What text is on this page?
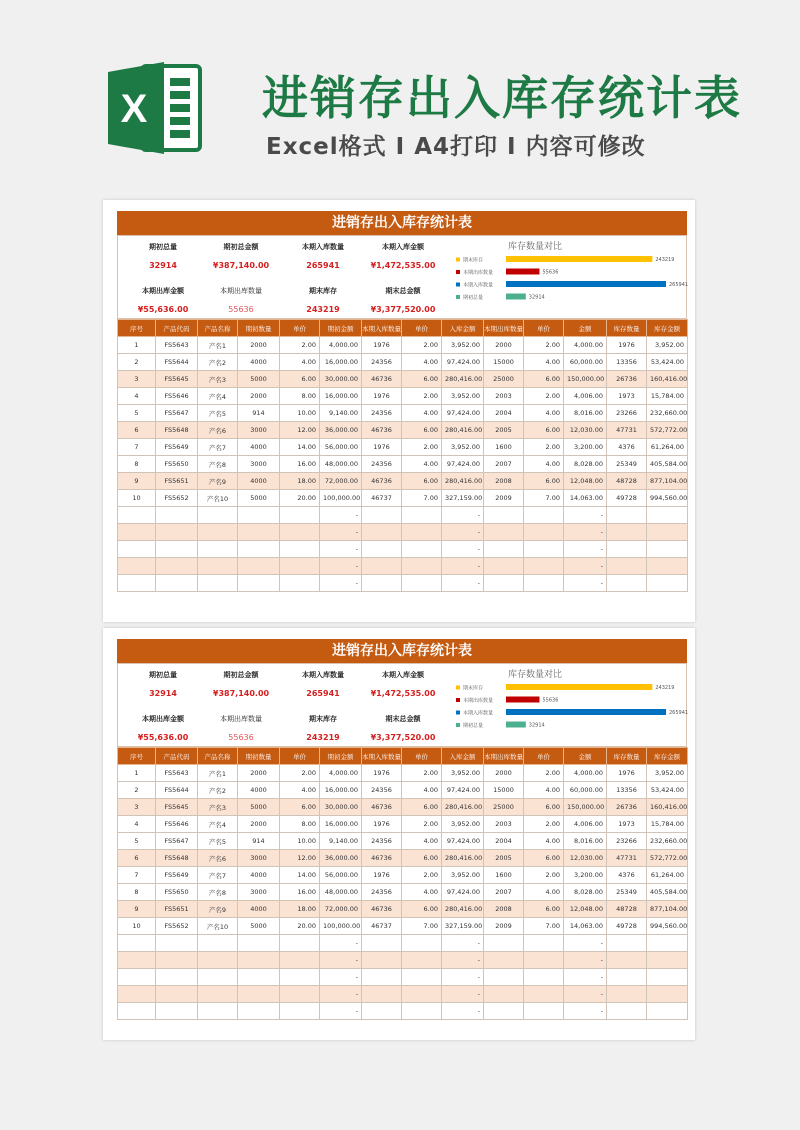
X 进销存出入库存统计表
Excel格式 I A4打印 I 内容可修改
进销存出入库存统计表
期初总量
32914
期初总金额
¥387,140.00
本期入库数量
265941
本期入库金额
¥1,472,535.00
本期出库金额
¥55,636.00
本期出库数量
55636
期末库存
243219
期末总金额
¥3,377,520.00
库存数量对比
期末库存	243219
本期出库数量	55636
本期入库数量	265941
期初总量	32914
序号	产品代码	产品名称	期初数量	单价	期初金额	本期入库数量	单价	入库金额	本期出库数量	单价	金额	库存数量	库存金额
1	FS5643	产名1	2000	2.00	4,000.00	1976	2.00	3,952.00	2000	2.00	4,000.00	1976	3,952.00
2	FS5644	产名2	4000	4.00	16,000.00	24356	4.00	97,424.00	15000	4.00	60,000.00	13356	53,424.00
3	FS5645	产名3	5000	6.00	30,000.00	46736	6.00	280,416.00	25000	6.00	150,000.00	26736	160,416.00
4	FS5646	产名4	2000	8.00	16,000.00	1976	2.00	3,952.00	2003	2.00	4,006.00	1973	15,784.00
5	FS5647	产名5	914	10.00	9,140.00	24356	4.00	97,424.00	2004	4.00	8,016.00	23266	232,660.00
6	FS5648	产名6	3000	12.00	36,000.00	46736	6.00	280,416.00	2005	6.00	12,030.00	47731	572,772.00
7	FS5649	产名7	4000	14.00	56,000.00	1976	2.00	3,952.00	1600	2.00	3,200.00	4376	61,264.00
8	FS5650	产名8	3000	16.00	48,000.00	24356	4.00	97,424.00	2007	4.00	8,028.00	25349	405,584.00
9	FS5651	产名9	4000	18.00	72,000.00	46736	6.00	280,416.00	2008	6.00	12,048.00	48728	877,104.00
10	FS5652	产名10	5000	20.00	100,000.00	46737	7.00	327,159.00	2009	7.00	14,063.00	49728	994,560.00
					-			-			-		
					-			-			-		
					-			-			-		
					-			-			-		
					-			-			-		
进销存出入库存统计表
期初总量
32914
期初总金额
¥387,140.00
本期入库数量
265941
本期入库金额
¥1,472,535.00
本期出库金额
¥55,636.00
本期出库数量
55636
期末库存
243219
期末总金额
¥3,377,520.00
库存数量对比
期末库存	243219
本期出库数量	55636
本期入库数量	265941
期初总量	32914
序号	产品代码	产品名称	期初数量	单价	期初金额	本期入库数量	单价	入库金额	本期出库数量	单价	金额	库存数量	库存金额
1	FS5643	产名1	2000	2.00	4,000.00	1976	2.00	3,952.00	2000	2.00	4,000.00	1976	3,952.00
2	FS5644	产名2	4000	4.00	16,000.00	24356	4.00	97,424.00	15000	4.00	60,000.00	13356	53,424.00
3	FS5645	产名3	5000	6.00	30,000.00	46736	6.00	280,416.00	25000	6.00	150,000.00	26736	160,416.00
4	FS5646	产名4	2000	8.00	16,000.00	1976	2.00	3,952.00	2003	2.00	4,006.00	1973	15,784.00
5	FS5647	产名5	914	10.00	9,140.00	24356	4.00	97,424.00	2004	4.00	8,016.00	23266	232,660.00
6	FS5648	产名6	3000	12.00	36,000.00	46736	6.00	280,416.00	2005	6.00	12,030.00	47731	572,772.00
7	FS5649	产名7	4000	14.00	56,000.00	1976	2.00	3,952.00	1600	2.00	3,200.00	4376	61,264.00
8	FS5650	产名8	3000	16.00	48,000.00	24356	4.00	97,424.00	2007	4.00	8,028.00	25349	405,584.00
9	FS5651	产名9	4000	18.00	72,000.00	46736	6.00	280,416.00	2008	6.00	12,048.00	48728	877,104.00
10	FS5652	产名10	5000	20.00	100,000.00	46737	7.00	327,159.00	2009	7.00	14,063.00	49728	994,560.00
					-			-			-		
					-			-			-		
					-			-			-		
					-			-			-		
					-			-			-		
